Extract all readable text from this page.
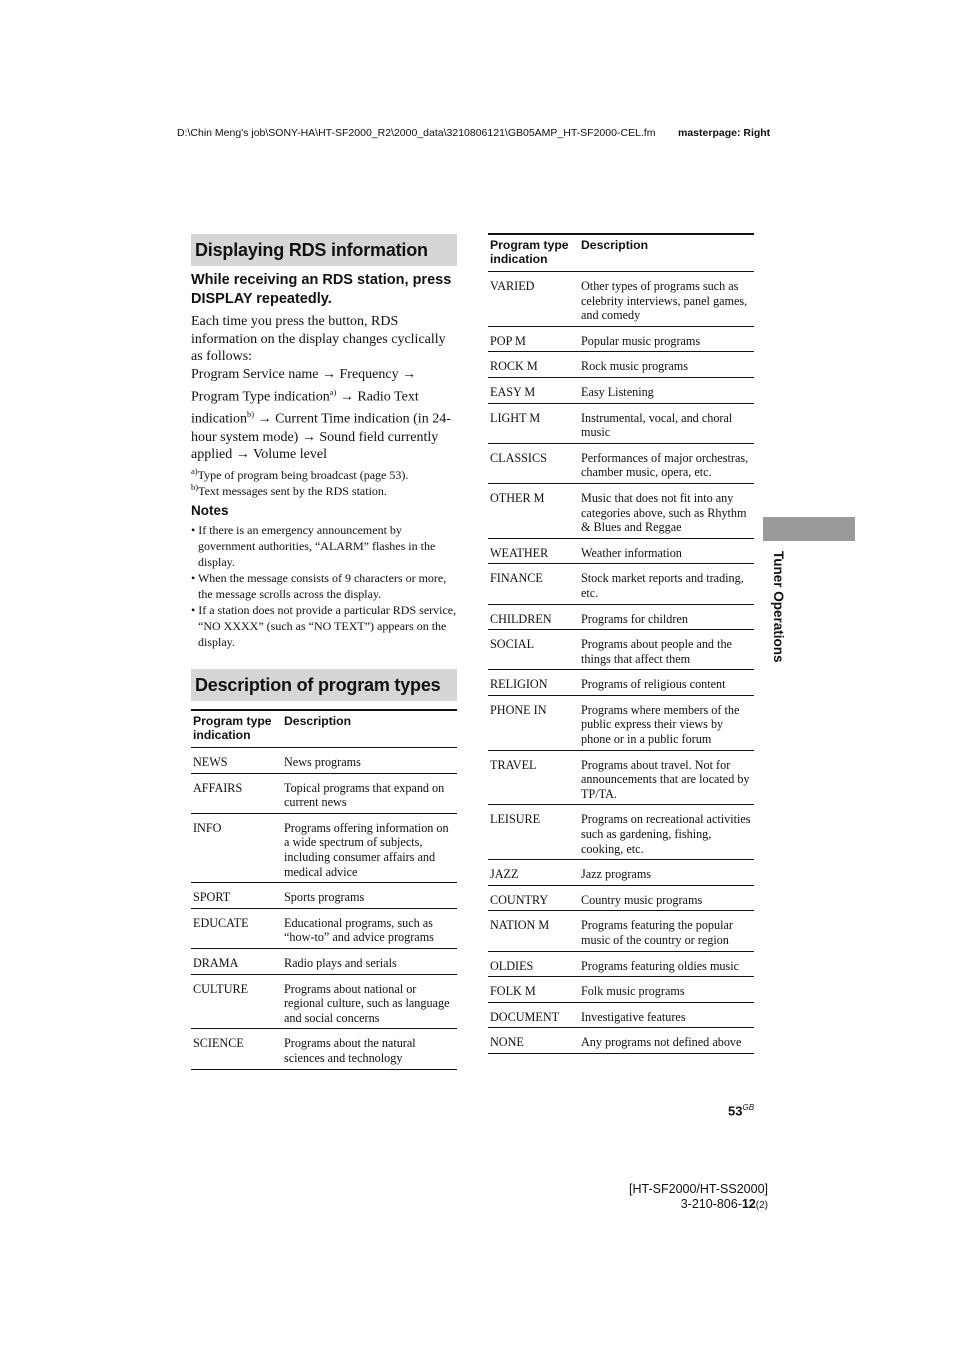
D:\Chin Meng's job\SONY-HA\HT-SF2000_R2\2000_data\3210806121\GB05AMP_HT-SF2000-CEL.fm masterpage: Right
Displaying RDS information
While receiving an RDS station, press DISPLAY repeatedly.
Each time you press the button, RDS information on the display changes cyclically as follows:
Program Service name → Frequency → Program Type indication$^{a)}$ → Radio Text indication$^{b)}$ → Current Time indication (in 24-hour system mode) → Sound field currently applied → Volume level
$^{a)}$Type of program being broadcast (page 53).
$^{b)}$Text messages sent by the RDS station.
Notes
• If there is an emergency announcement by government authorities, “ALARM” flashes in the display.
• When the message consists of 9 characters or more, the message scrolls across the display.
• If a station does not provide a particular RDS service, “NO XXXX” (such as “NO TEXT”) appears on the display.
Description of program types
Program type indication	Description
NEWS	News programs
AFFAIRS	Topical programs that expand on current news
INFO	Programs offering information on a wide spectrum of subjects, including consumer affairs and medical advice
SPORT	Sports programs
EDUCATE	Educational programs, such as “how-to” and advice programs
DRAMA	Radio plays and serials
CULTURE	Programs about national or regional culture, such as language and social concerns
SCIENCE	Programs about the natural sciences and technology
Program type indication	Description
VARIED	Other types of programs such as celebrity interviews, panel games, and comedy
POP M	Popular music programs
ROCK M	Rock music programs
EASY M	Easy Listening
LIGHT M	Instrumental, vocal, and choral music
CLASSICS	Performances of major orchestras, chamber music, opera, etc.
OTHER M	Music that does not fit into any categories above, such as Rhythm & Blues and Reggae
WEATHER	Weather information
FINANCE	Stock market reports and trading, etc.
CHILDREN	Programs for children
SOCIAL	Programs about people and the things that affect them
RELIGION	Programs of religious content
PHONE IN	Programs where members of the public express their views by phone or in a public forum
TRAVEL	Programs about travel. Not for announcements that are located by TP/TA.
LEISURE	Programs on recreational activities such as gardening, fishing, cooking, etc.
JAZZ	Jazz programs
COUNTRY	Country music programs
NATION M	Programs featuring the popular music of the country or region
OLDIES	Programs featuring oldies music
FOLK M	Folk music programs
DOCUMENT	Investigative features
NONE	Any programs not defined above
Tuner Operations
$53^{GB}$
[HT-SF2000/HT-SS2000]
3-210-806-12(2)
